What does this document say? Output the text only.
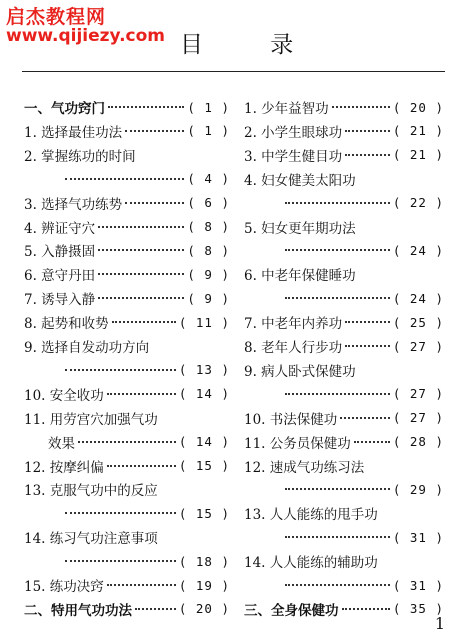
启杰教程网
www.qijiezy.com 目 录
一、气功窍门	( 1 )
1. 选择最佳功法	( 1 )
2. 掌握练功的时间
( 4 )
3. 选择气功练势	( 6 )
4. 辨证守穴	( 8 )
5. 入静摄固	( 8 )
6. 意守丹田	( 9 )
7. 诱导入静	( 9 )
8. 起势和收势	( 11 )
9. 选择自发动功方向
( 13 )
10. 安全收功	( 14 )
11. 用劳宫穴加强气功
效果	( 14 )
12. 按摩纠偏	( 15 )
13. 克服气功中的反应
( 15 )
14. 练习气功注意事项
( 18 )
15. 练功决窍	( 19 )
二、特用气功功法	( 20 )
1. 少年益智功	( 20 )
2. 小学生眼球功	( 21 )
3. 中学生健目功	( 21 )
4. 妇女健美太阳功
( 22 )
5. 妇女更年期功法
( 24 )
6. 中老年保健睡功
( 24 )
7. 中老年内养功	( 25 )
8. 老年人行步功	( 27 )
9. 病人卧式保健功
( 27 )
10. 书法保健功	( 27 )
11. 公务员保健功	( 28 )
12. 速成气功练习法
( 29 )
13. 人人能练的甩手功
( 31 )
14. 人人能练的辅助功
( 31 )
三、全身保健功	( 35 )
1
